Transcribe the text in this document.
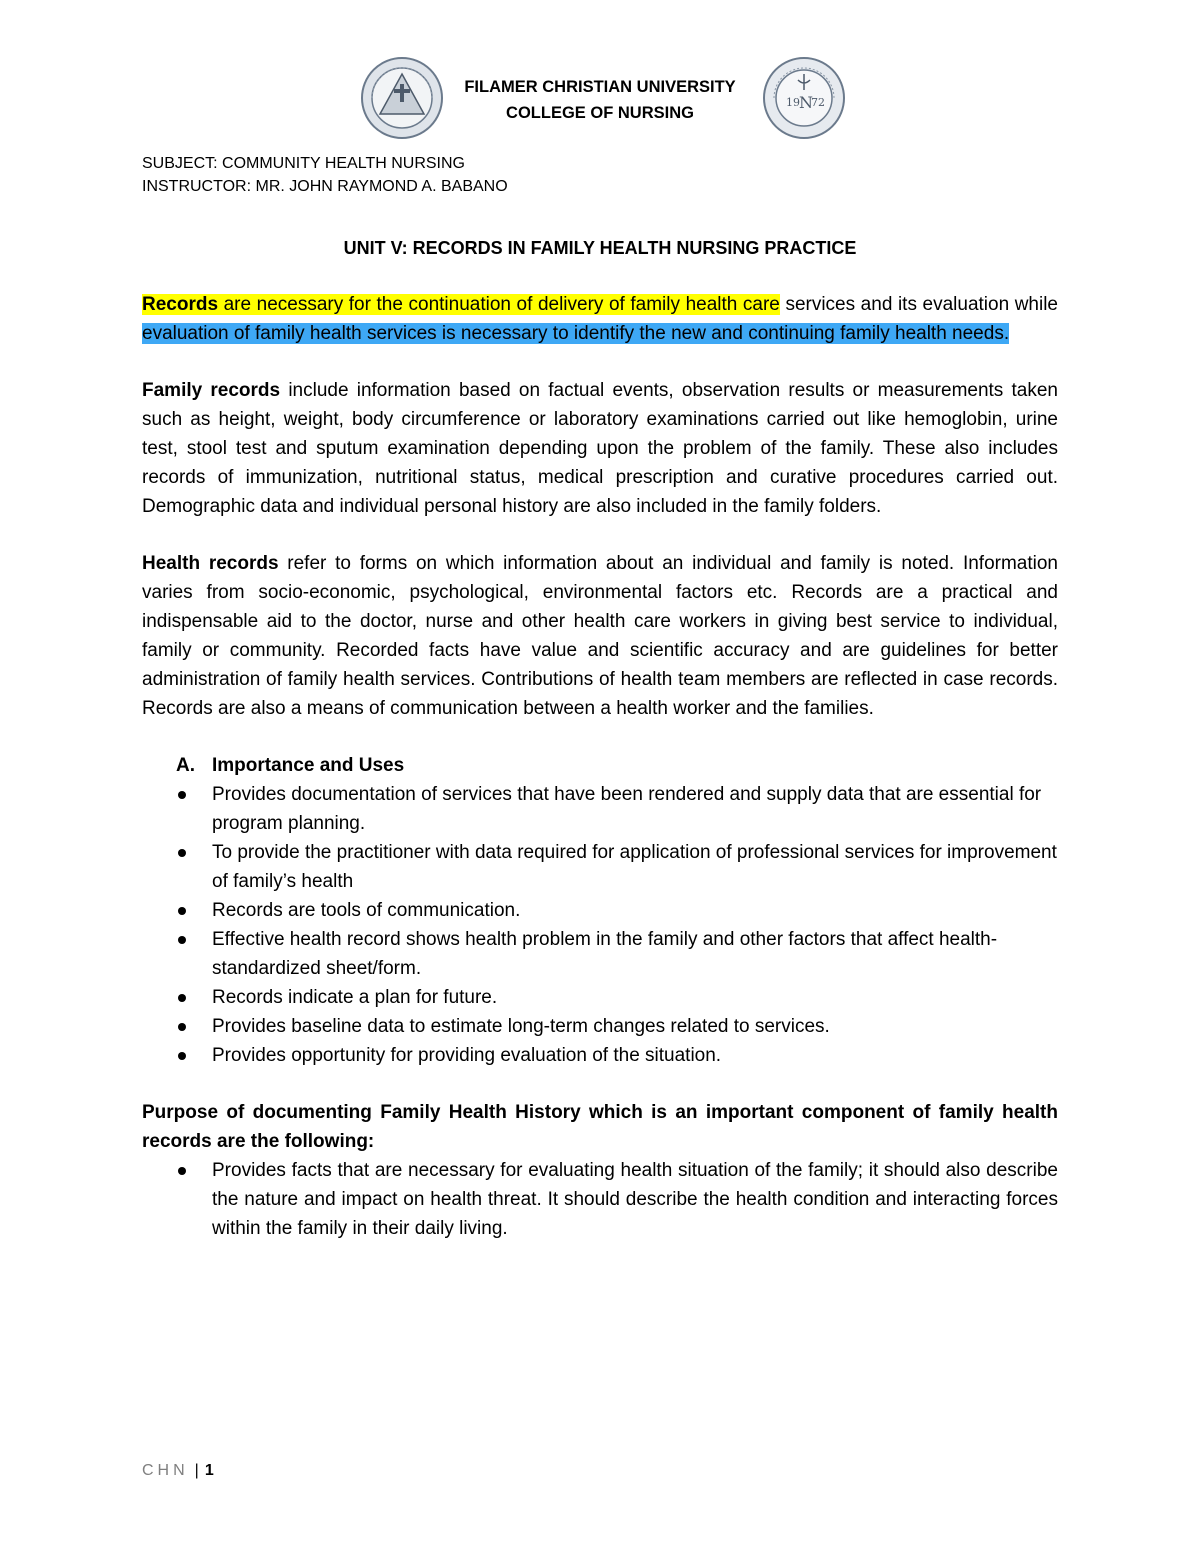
FILAMER CHRISTIAN UNIVERSITY
COLLEGE OF NURSING
19 N
72
SUBJECT: COMMUNITY HEALTH NURSING
INSTRUCTOR: MR. JOHN RAYMOND A. BABANO
UNIT V: RECORDS IN FAMILY HEALTH NURSING PRACTICE

Records are necessary for the continuation of delivery of family health care services and its evaluation while evaluation of family health services is necessary to identify the new and continuing family health needs.

Family records include information based on factual events, observation results or measurements taken such as height, weight, body circumference or laboratory examinations carried out like hemoglobin, urine test, stool test and sputum examination depending upon the problem of the family. These also includes records of immunization, nutritional status, medical prescription and curative procedures carried out. Demographic data and individual personal history are also included in the family folders.

Health records refer to forms on which information about an individual and family is noted. Information varies from socio-economic, psychological, environmental factors etc. Records are a practical and indispensable aid to the doctor, nurse and other health care workers in giving best service to individual, family or community. Recorded facts have value and scientific accuracy and are guidelines for better administration of family health services. Contributions of health team members are reflected in case records. Records are also a means of communication between a health worker and the families.

A. Importance and Uses
Provides documentation of services that have been rendered and supply data that are essential for program planning.
To provide the practitioner with data required for application of professional services for improvement of family’s health
Records are tools of communication.
Effective health record shows health problem in the family and other factors that affect health-standardized sheet/form.
Records indicate a plan for future.
Provides baseline data to estimate long-term changes related to services.
Provides opportunity for providing evaluation of the situation.
Purpose of documenting Family Health History which is an important component of family health records are the following:
Provides facts that are necessary for evaluating health situation of the family; it should also describe the nature and impact on health threat. It should describe the health condition and interacting forces within the family in their daily living.
CHN | 1
